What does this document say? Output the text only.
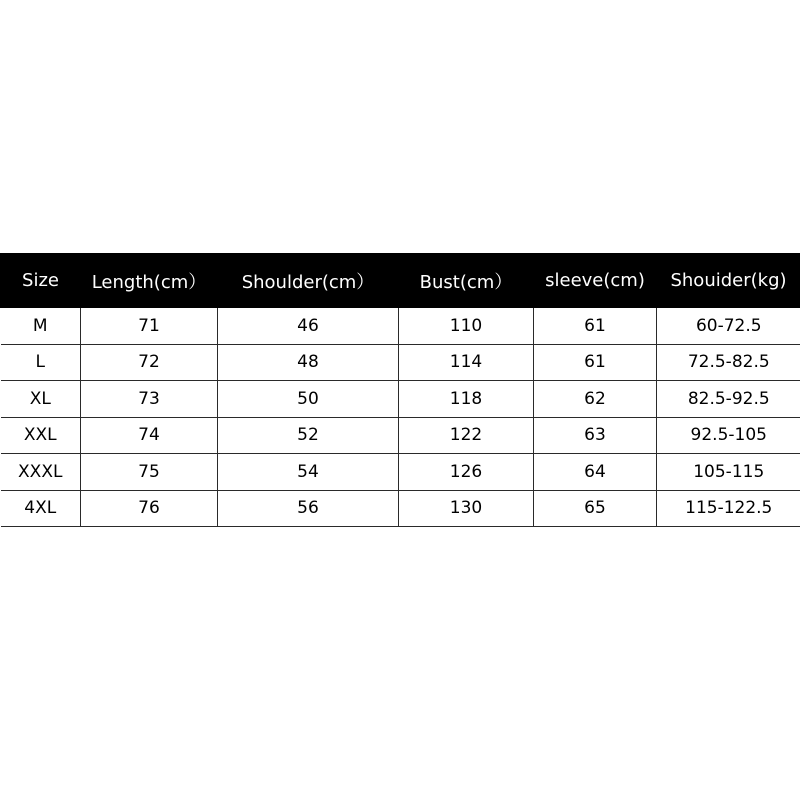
Size	Length(cm）	Shoulder(cm）	Bust(cm）	sleeve(cm)	Shouider(kg)
M	71	46	110	61	60-72.5
L	72	48	114	61	72.5-82.5
XL	73	50	118	62	82.5-92.5
XXL	74	52	122	63	92.5-105
XXXL	75	54	126	64	105-115
4XL	76	56	130	65	115-122.5
